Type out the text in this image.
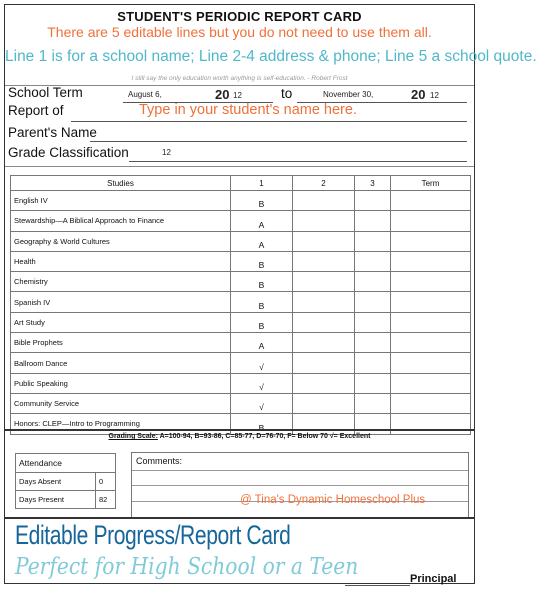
STUDENT'S PERIODIC REPORT CARD
There are 5 editable lines but you do not need to use them all.
Line 1 is for a school name; Line 2-4 address & phone; Line 5 a school quote.
I still say the only education worth anything is self-education. - Robert Frost
School Term	August 6,	20 12	to	November 30,	20 12
Report of	Type in your student's name here.
Parent's Name
Grade Classification	12
Studies	1	2	3	Term
English IV	B			
Stewardship—A Biblical Approach to Finance	A			
Geography & World Cultures	A			
Health	B			
Chemistry	B			
Spanish IV	B			
Art Study	B			
Bible Prophets	A			
Ballroom Dance	√			
Public Speaking	√			
Community Service	√			
Honors: CLEP—Intro to Programming	B			
Grading Scale: A=100-94, B=93-86, C=85-77, D=76-70, F= Below 70 √= Excellent
Attendance	
Days Absent	0
Days Present	82
Comments:
@ Tina's Dynamic Homeschool Plus
Editable Progress/Report Card
Perfect for High School or a Teen	Principal
